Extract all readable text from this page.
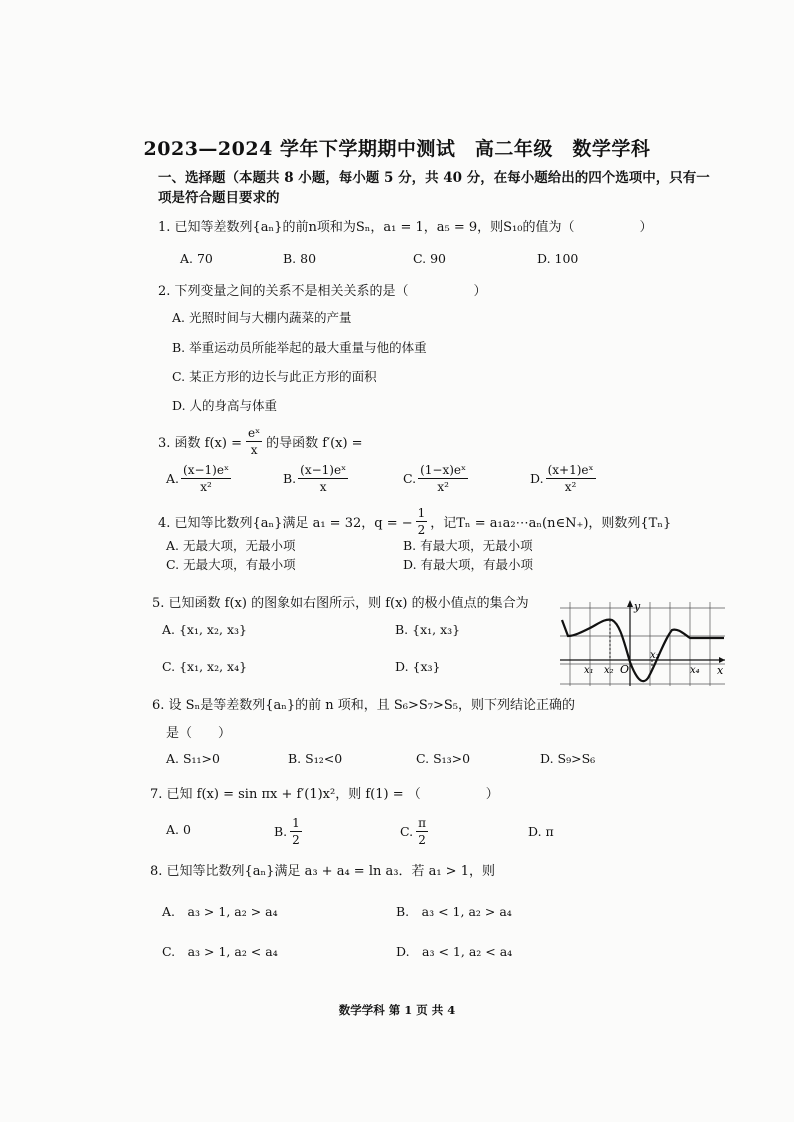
2023—2024 学年下学期期中测试　高二年级　数学学科
一、选择题（本题共 8 小题，每小题 5 分，共 40 分，在每小题给出的四个选项中，只有一
项是符合题目要求的
1. 已知等差数列{aₙ}的前n项和为Sₙ，a₁ = 1，a₅ = 9，则S₁₀的值为（　　　　　）
A. 70	B. 80	C. 90	D. 100
2. 下列变量之间的关系不是相关关系的是（　　　　　）
A. 光照时间与大棚内蔬菜的产量
B. 举重运动员所能举起的最大重量与他的体重
C. 某正方形的边长与此正方形的面积
D. 人的身高与体重
3. 函数 $f(x) = \frac{\text{eˣ}}{x}$ 的导函数 f′(x) =
A. $\frac{\text{(x−1)eˣ}}{\text{x²}}$	B. $\frac{\text{(x−1)eˣ}}{x}$	C. $\frac{\text{(1−x)eˣ}}{\text{x²}}$	D. $\frac{\text{(x+1)eˣ}}{\text{x²}}$
4. 已知等比数列{aₙ}满足 a₁ = 32，q = − $\frac{1}{2}$ ，记Tₙ = a₁a₂⋯aₙ(n∈N₊)，则数列{Tₙ}
A. 无最大项，无最小项	B. 有最大项，无最小项
C. 无最大项，有最小项	D. 有最大项，有最小项
5. 已知函数 f(x) 的图象如右图所示，则 f(x) 的极小值点的集合为
A. {x₁, x₂, x₃}	B. {x₁, x₃}
C. {x₁, x₂, x₄}	D. {x₃}
y
x
O
x₁ x₂
x₃
x₄
6. 设 Sₙ是等差数列{aₙ}的前 n 项和，且 S₆>S₇>S₅，则下列结论正确的
是（　　）
A. S₁₁>0	B. S₁₂<0	C. S₁₃>0	D. S₉>S₆
7. 已知 f(x) = sin πx + f′(1)x²，则 f(1) = （　　　　　）
A. 0	B. $\frac{1}{2}$	C. $\frac{\pi}{2}$	D. π
8. 已知等比数列{aₙ}满足 a₃ + a₄ = ln a₃．若 a₁ > 1，则
A.　a₃ > 1, a₂ > a₄	B.　a₃ < 1, a₂ > a₄
C.　a₃ > 1, a₂ < a₄	D.　a₃ < 1, a₂ < a₄
数学学科 第 1 页 共 4
